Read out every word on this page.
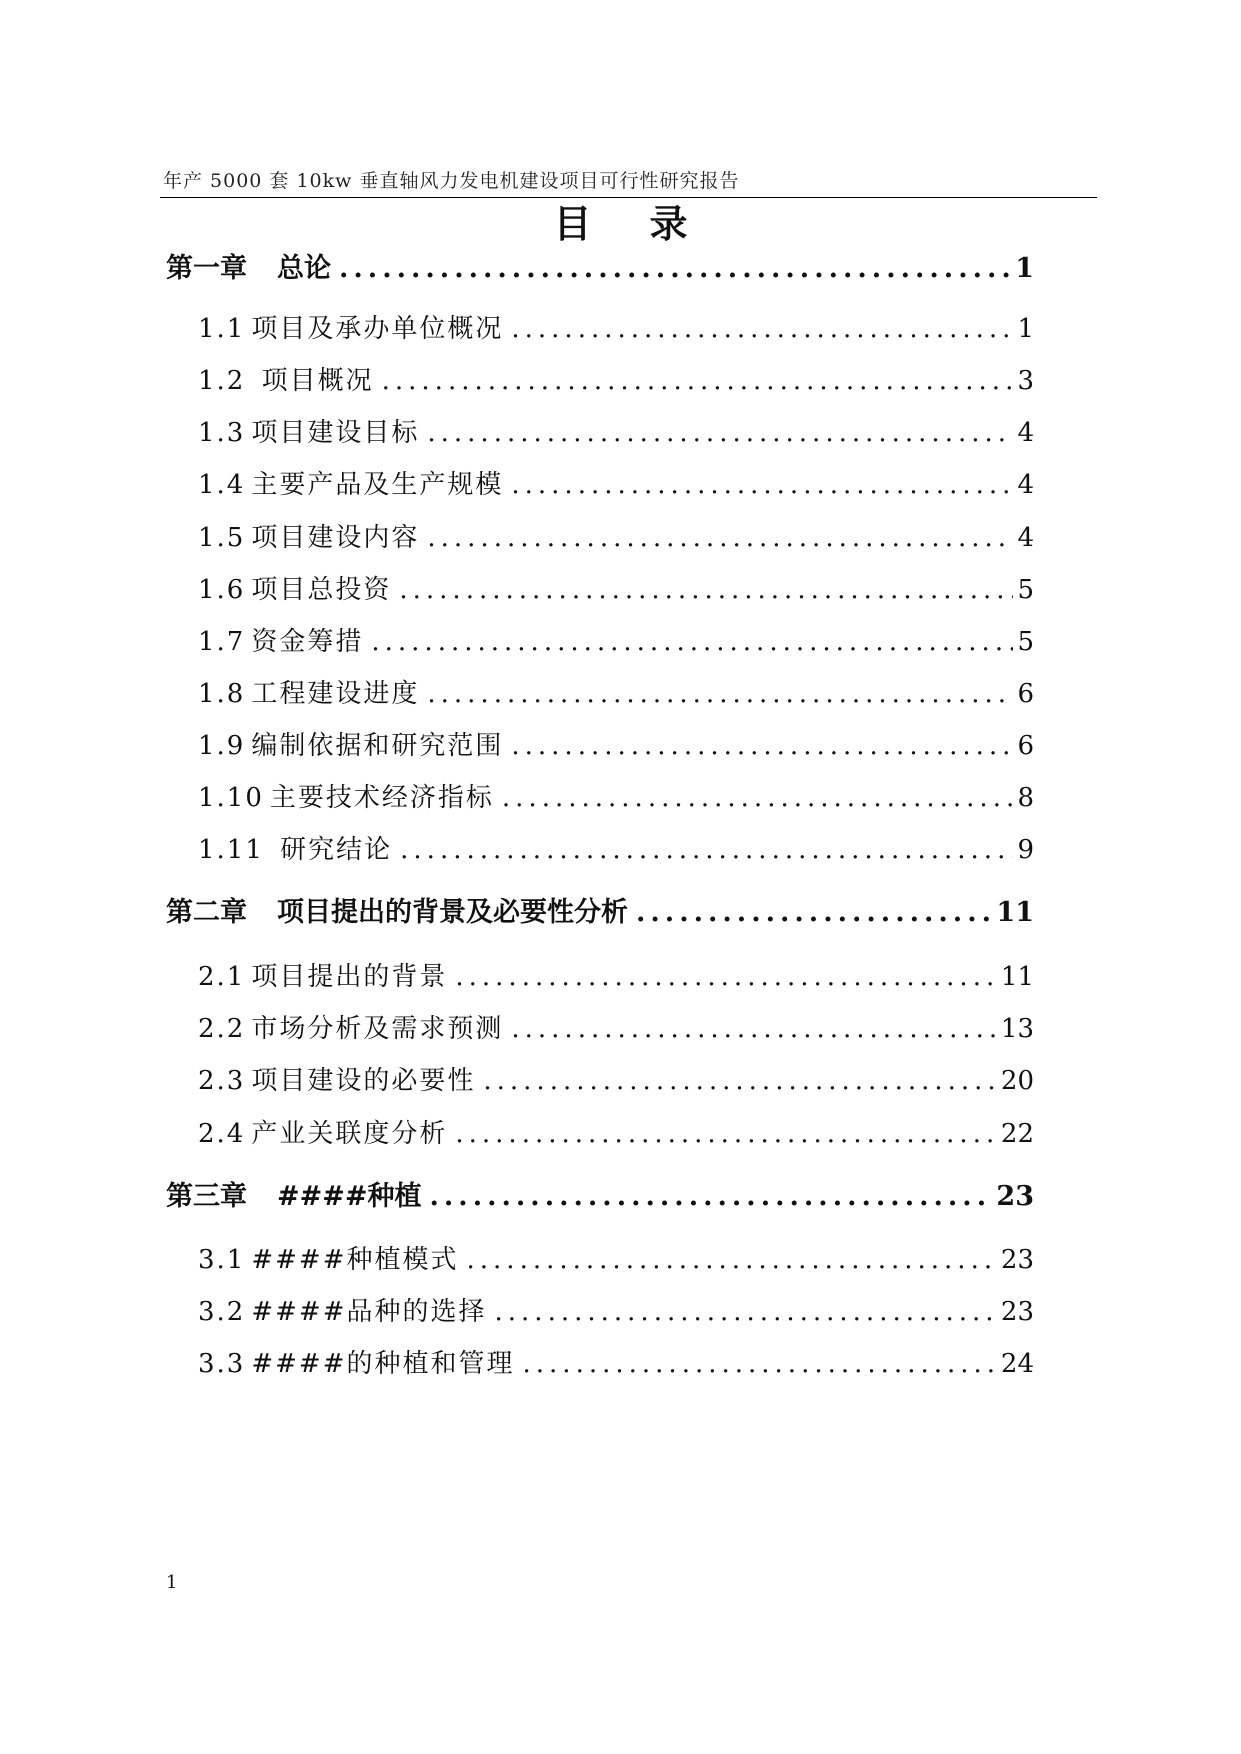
年产 5000 套 10kw 垂直轴风力发电机建设项目可行性研究报告
目录
第一章 总论 .....	1
1.1 项目及承办单位概况 .....	1
1.2 项目概况 .....	3
1.3 项目建设目标 .....	4
1.4 主要产品及生产规模 .....	4
1.5 项目建设内容 .....	4
1.6 项目总投资 .....	5
1.7 资金筹措 .....	5
1.8 工程建设进度 .....	6
1.9 编制依据和研究范围 .....	6
1.10 主要技术经济指标 .....	8
1.11 研究结论 .....	9
第二章 项目提出的背景及必要性分析 .....	11
2.1 项目提出的背景 .....	11
2.2 市场分析及需求预测 .....	13
2.3 项目建设的必要性 .....	20
2.4 产业关联度分析 .....	22
第三章 ####种植 .....	23
3.1 ####种植模式 .....	23
3.2 ####品种的选择 .....	23
3.3 ####的种植和管理 .....	24
1
